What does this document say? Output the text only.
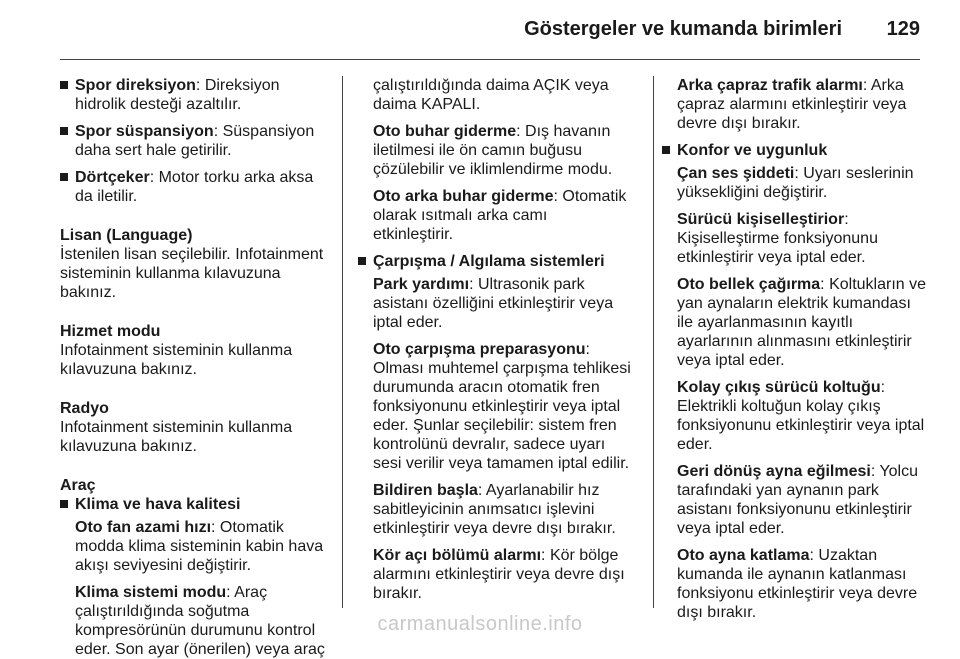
Göstergeler ve kumanda birimleri 129
Spor direksiyon: Direksiyon hidrolik desteği azaltılır.
Spor süspansiyon: Süspansiyon daha sert hale getirilir.
Dörtçeker: Motor torku arka aksa da iletilir.
Lisan (Language)
İstenilen lisan seçilebilir. Infotainment sisteminin kullanma kılavuzuna bakınız.
Hizmet modu
Infotainment sisteminin kullanma kılavuzuna bakınız.
Radyo
Infotainment sisteminin kullanma kılavuzuna bakınız.
Araç
Klima ve hava kalitesi
Oto fan azami hızı: Otomatik modda klima sisteminin kabin hava akışı seviyesini değiştirir.
Klima sistemi modu: Araç çalıştırıldığında soğutma kompresörünün durumunu kontrol eder. Son ayar (önerilen) veya araç
çalıştırıldığında daima AÇIK veya daima KAPALI.
Oto buhar giderme: Dış havanın iletilmesi ile ön camın buğusu çözülebilir ve iklimlendirme modu.
Oto arka buhar giderme: Otomatik olarak ısıtmalı arka camı etkinleştirir.
Çarpışma / Algılama sistemleri
Park yardımı: Ultrasonik park asistanı özelliğini etkinleştirir veya iptal eder.
Oto çarpışma preparasyonu: Olması muhtemel çarpışma tehlikesi durumunda aracın otomatik fren fonksiyonunu etkinleştirir veya iptal eder. Şunlar seçilebilir: sistem fren kontrolünü devralır, sadece uyarı sesi verilir veya tamamen iptal edilir.
Bildiren başla: Ayarlanabilir hız sabitleyicinin anımsatıcı işlevini etkinleştirir veya devre dışı bırakır.
Kör açı bölümü alarmı: Kör bölge alarmını etkinleştirir veya devre dışı bırakır.
Arka çapraz trafik alarmı: Arka çapraz alarmını etkinleştirir veya devre dışı bırakır.
Konfor ve uygunluk
Çan ses şiddeti: Uyarı seslerinin yüksekliğini değiştirir.
Sürücü kişiselleştirior: Kişiselleştirme fonksiyonunu etkinleştirir veya iptal eder.
Oto bellek çağırma: Koltukların ve yan aynaların elektrik kumandası ile ayarlanmasının kayıtlı ayarlarının alınmasını etkinleştirir veya iptal eder.
Kolay çıkış sürücü koltuğu: Elektrikli koltuğun kolay çıkış fonksiyonunu etkinleştirir veya iptal eder.
Geri dönüş ayna eğilmesi: Yolcu tarafındaki yan aynanın park asistanı fonksiyonunu etkinleştirir veya iptal eder.
Oto ayna katlama: Uzaktan kumanda ile aynanın katlanması fonksiyonu etkinleştirir veya devre dışı bırakır.
carmanualsonline.info
